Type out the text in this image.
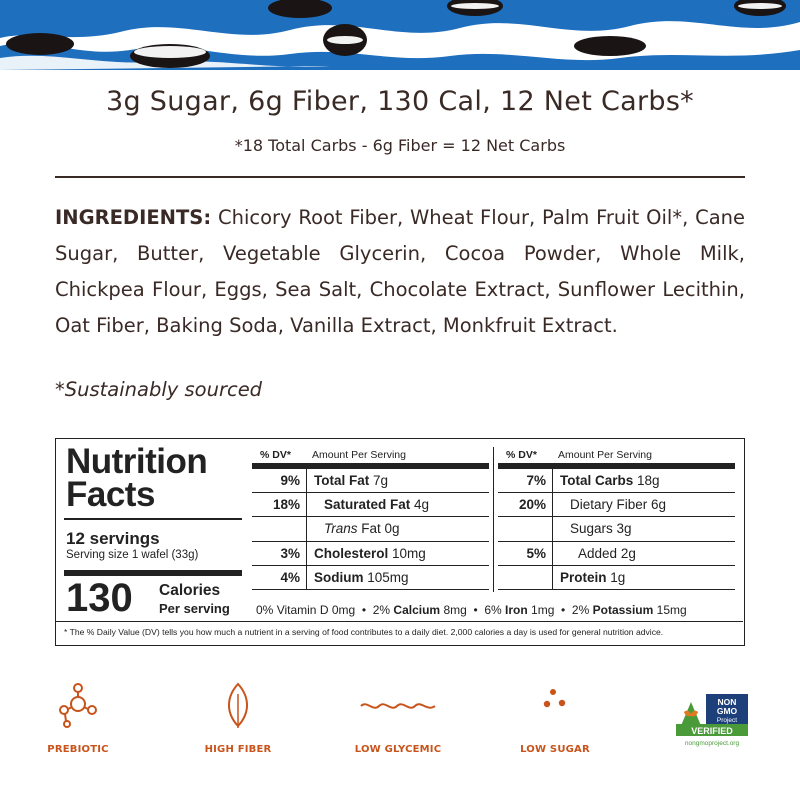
3g Sugar, 6g Fiber, 130 Cal, 12 Net Carbs*
*18 Total Carbs - 6g Fiber = 12 Net Carbs
INGREDIENTS: Chicory Root Fiber, Wheat Flour, Palm Fruit Oil*, Cane Sugar, Butter, Vegetable Glycerin, Cocoa Powder, Whole Milk, Chickpea Flour, Eggs, Sea Salt, Chocolate Extract, Sunflower Lecithin, Oat Fiber, Baking Soda, Vanilla Extract, Monkfruit Extract.
*Sustainably sourced
Nutrition
Facts
12 servings
Serving size 1 wafel (33g)
130 Calories
Per serving
% DV* Amount Per Serving
9% Total Fat 7g
18% Saturated Fat 4g
Trans Fat 0g
3% Cholesterol 10mg
4% Sodium 105mg
% DV* Amount Per Serving
7% Total Carbs 18g
20% Dietary Fiber 6g
Sugars 3g
5% Added 2g
Protein 1g
0% Vitamin D 0mg  •  2% Calcium 8mg  •  6% Iron 1mg  •  2% Potassium 15mg
* The % Daily Value (DV) tells you how much a nutrient in a serving of food contributes to a daily diet. 2,000 calories a day is used for general nutrition advice.
PREBIOTIC	HIGH FIBER	LOW GLYCEMIC	LOW SUGAR
NON
GMO
Project
VERIFIED
nongmoproject.org
